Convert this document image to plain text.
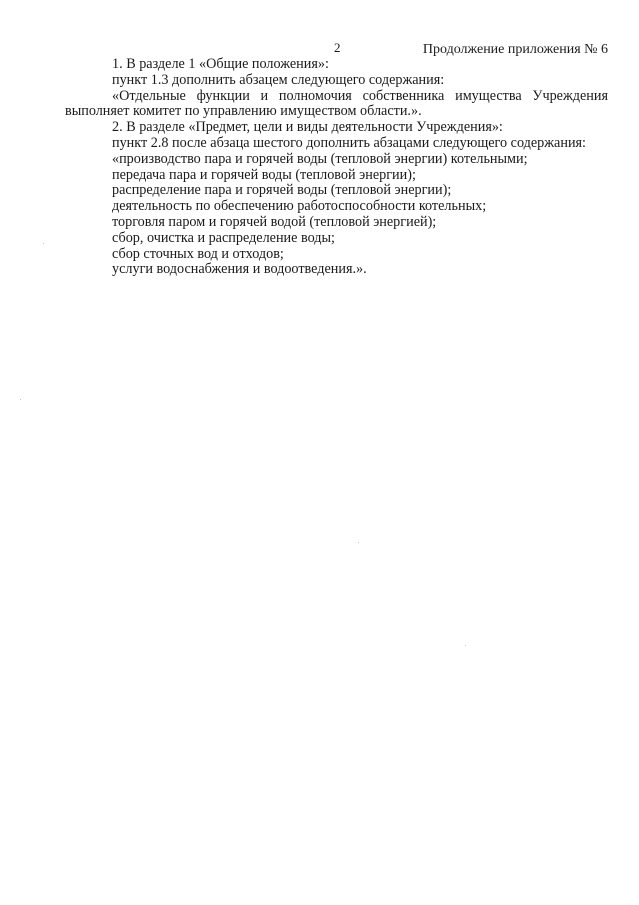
2	Продолжение приложения № 6

1. В разделе 1 «Общие положения»:

пункт 1.3 дополнить абзацем следующего содержания:

«Отдельные функции и полномочия собственника имущества Учреждения выполняет комитет по управлению имуществом области.».

2. В разделе «Предмет, цели и виды деятельности Учреждения»:

пункт 2.8 после абзаца шестого дополнить абзацами следующего содержания:

«производство пара и горячей воды (тепловой энергии) котельными;

передача пара и горячей воды (тепловой энергии);

распределение пара и горячей воды (тепловой энергии);

деятельность по обеспечению работоспособности котельных;

торговля паром и горячей водой (тепловой энергией);

сбор, очистка и распределение воды;

сбор сточных вод и отходов;

услуги водоснабжения и водоотведения.».
